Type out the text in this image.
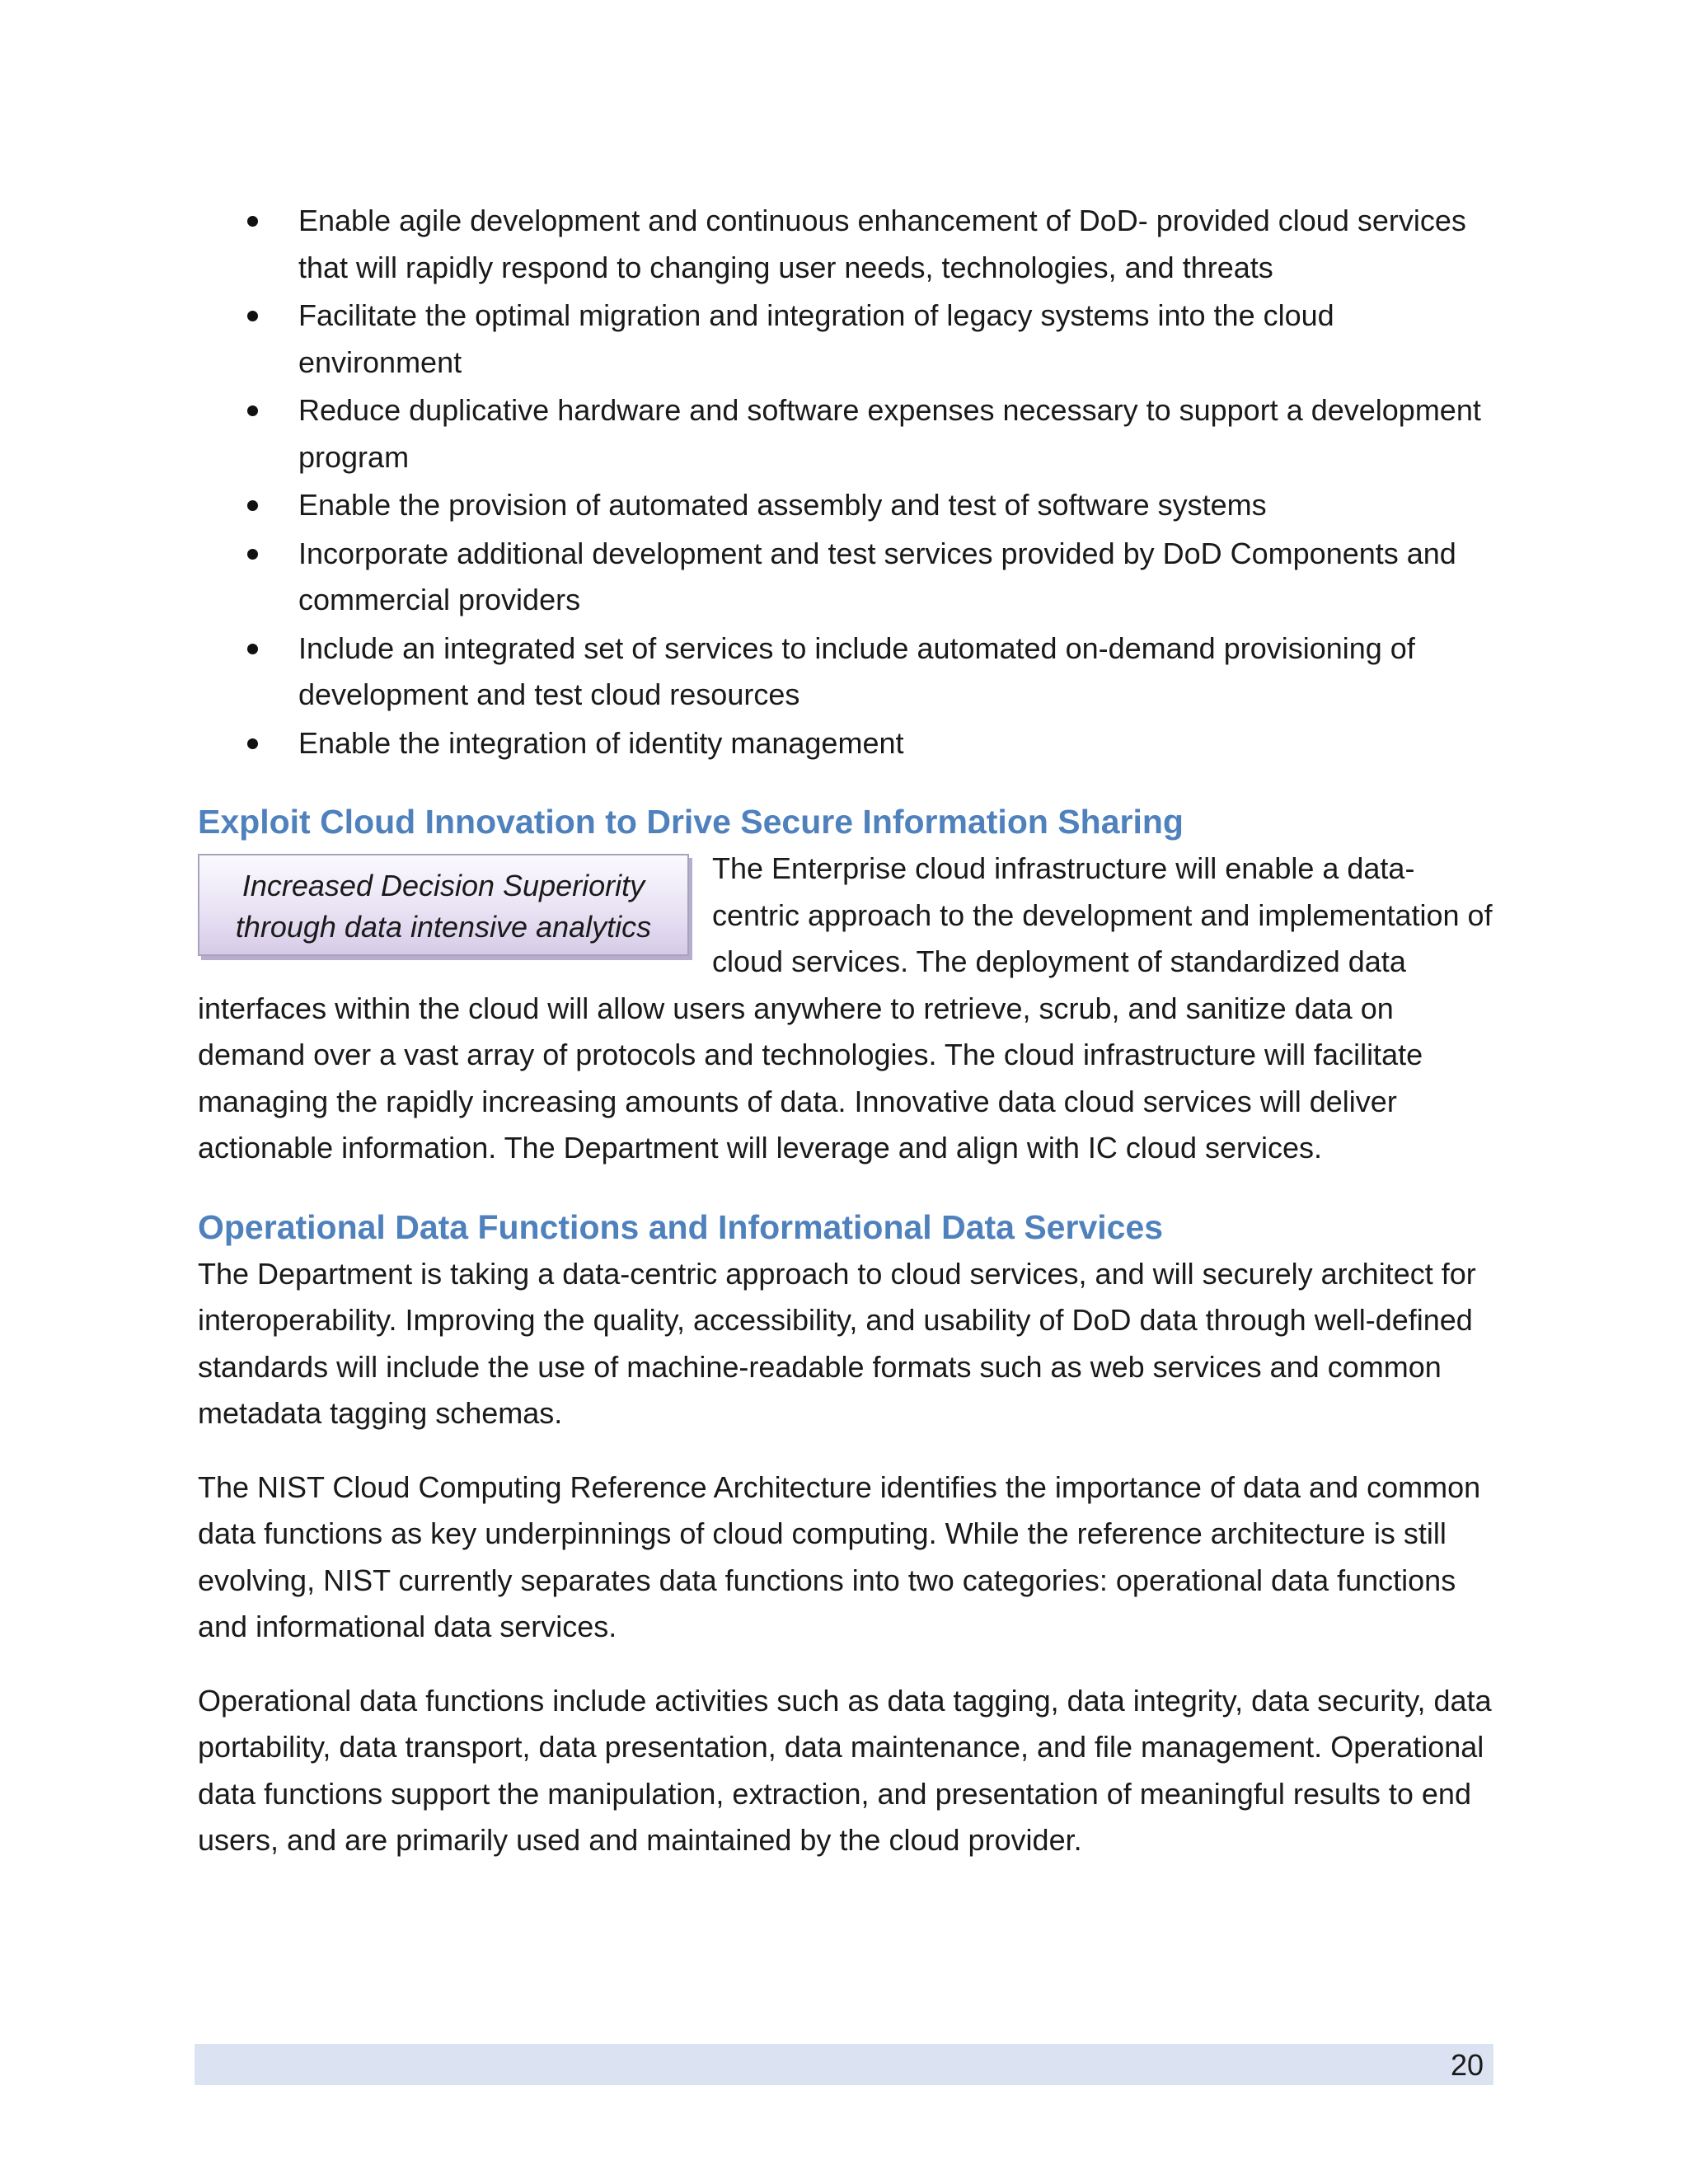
Enable agile development and continuous enhancement of DoD- provided cloud services that will rapidly respond to changing user needs, technologies, and threats
Facilitate the optimal migration and integration of legacy systems into the cloud environment
Reduce duplicative hardware and software expenses necessary to support a development program
Enable the provision of automated assembly and test of software systems
Incorporate additional development and test services provided by DoD Components and commercial providers
Include an integrated set of services to include automated on-demand provisioning of development and test cloud resources
Enable the integration of identity management
Exploit Cloud Innovation to Drive Secure Information Sharing
Increased Decision Superiority
through data intensive analytics

The Enterprise cloud infrastructure will enable a data-centric approach to the development and implementation of cloud services. The deployment of standardized data interfaces within the cloud will allow users anywhere to retrieve, scrub, and sanitize data on demand over a vast array of protocols and technologies. The cloud infrastructure will facilitate managing the rapidly increasing amounts of data. Innovative data cloud services will deliver actionable information. The Department will leverage and align with IC cloud services.

Operational Data Functions and Informational Data Services

The Department is taking a data-centric approach to cloud services, and will securely architect for interoperability. Improving the quality, accessibility, and usability of DoD data through well-defined standards will include the use of machine-readable formats such as web services and common metadata tagging schemas.

The NIST Cloud Computing Reference Architecture identifies the importance of data and common data functions as key underpinnings of cloud computing. While the reference architecture is still evolving, NIST currently separates data functions into two categories: operational data functions and informational data services.

Operational data functions include activities such as data tagging, data integrity, data security, data portability, data transport, data presentation, data maintenance, and file management. Operational data functions support the manipulation, extraction, and presentation of meaningful results to end users, and are primarily used and maintained by the cloud provider.

20
